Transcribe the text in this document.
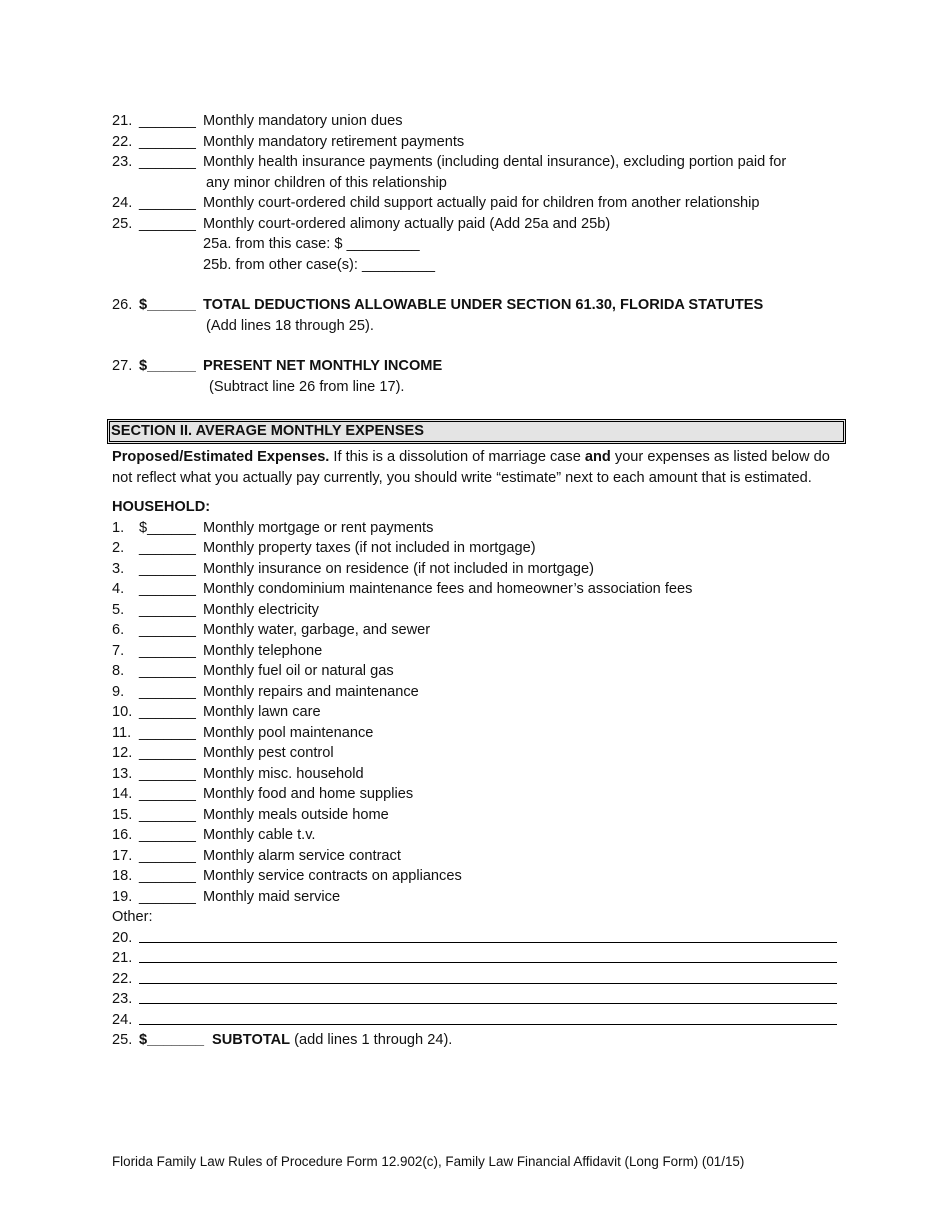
21. _______ Monthly mandatory union dues
22. _______ Monthly mandatory retirement payments
23. _______ Monthly health insurance payments (including dental insurance), excluding portion paid for
any minor children of this relationship
24. _______ Monthly court-ordered child support actually paid for children from another relationship
25. _______ Monthly court-ordered alimony actually paid (Add 25a and 25b)
25a. from this case: $ _________
25b. from other case(s): _________
26. $______ TOTAL DEDUCTIONS ALLOWABLE UNDER SECTION 61.30, FLORIDA STATUTES
(Add lines 18 through 25).
27. $______ PRESENT NET MONTHLY INCOME
(Subtract line 26 from line 17).
SECTION II. AVERAGE MONTHLY EXPENSES
Proposed/Estimated Expenses. If this is a dissolution of marriage case and your expenses as listed below do not reflect what you actually pay currently, you should write “estimate” next to each amount that is estimated.
HOUSEHOLD:
1. $______ Monthly mortgage or rent payments
2. _______ Monthly property taxes (if not included in mortgage)
3. _______ Monthly insurance on residence (if not included in mortgage)
4. _______ Monthly condominium maintenance fees and homeowner’s association fees
5. _______ Monthly electricity
6. _______ Monthly water, garbage, and sewer
7. _______ Monthly telephone
8. _______ Monthly fuel oil or natural gas
9. _______ Monthly repairs and maintenance
10. _______ Monthly lawn care
11. _______ Monthly pool maintenance
12. _______ Monthly pest control
13. _______ Monthly misc. household
14. _______ Monthly food and home supplies
15. _______ Monthly meals outside home
16. _______ Monthly cable t.v.
17. _______ Monthly alarm service contract
18. _______ Monthly service contracts on appliances
19. _______ Monthly maid service
Other:
20.
21.
22.
23.
24.
25. $_______ SUBTOTAL (add lines 1 through 24).
Florida Family Law Rules of Procedure Form 12.902(c), Family Law Financial Affidavit (Long Form) (01/15)
